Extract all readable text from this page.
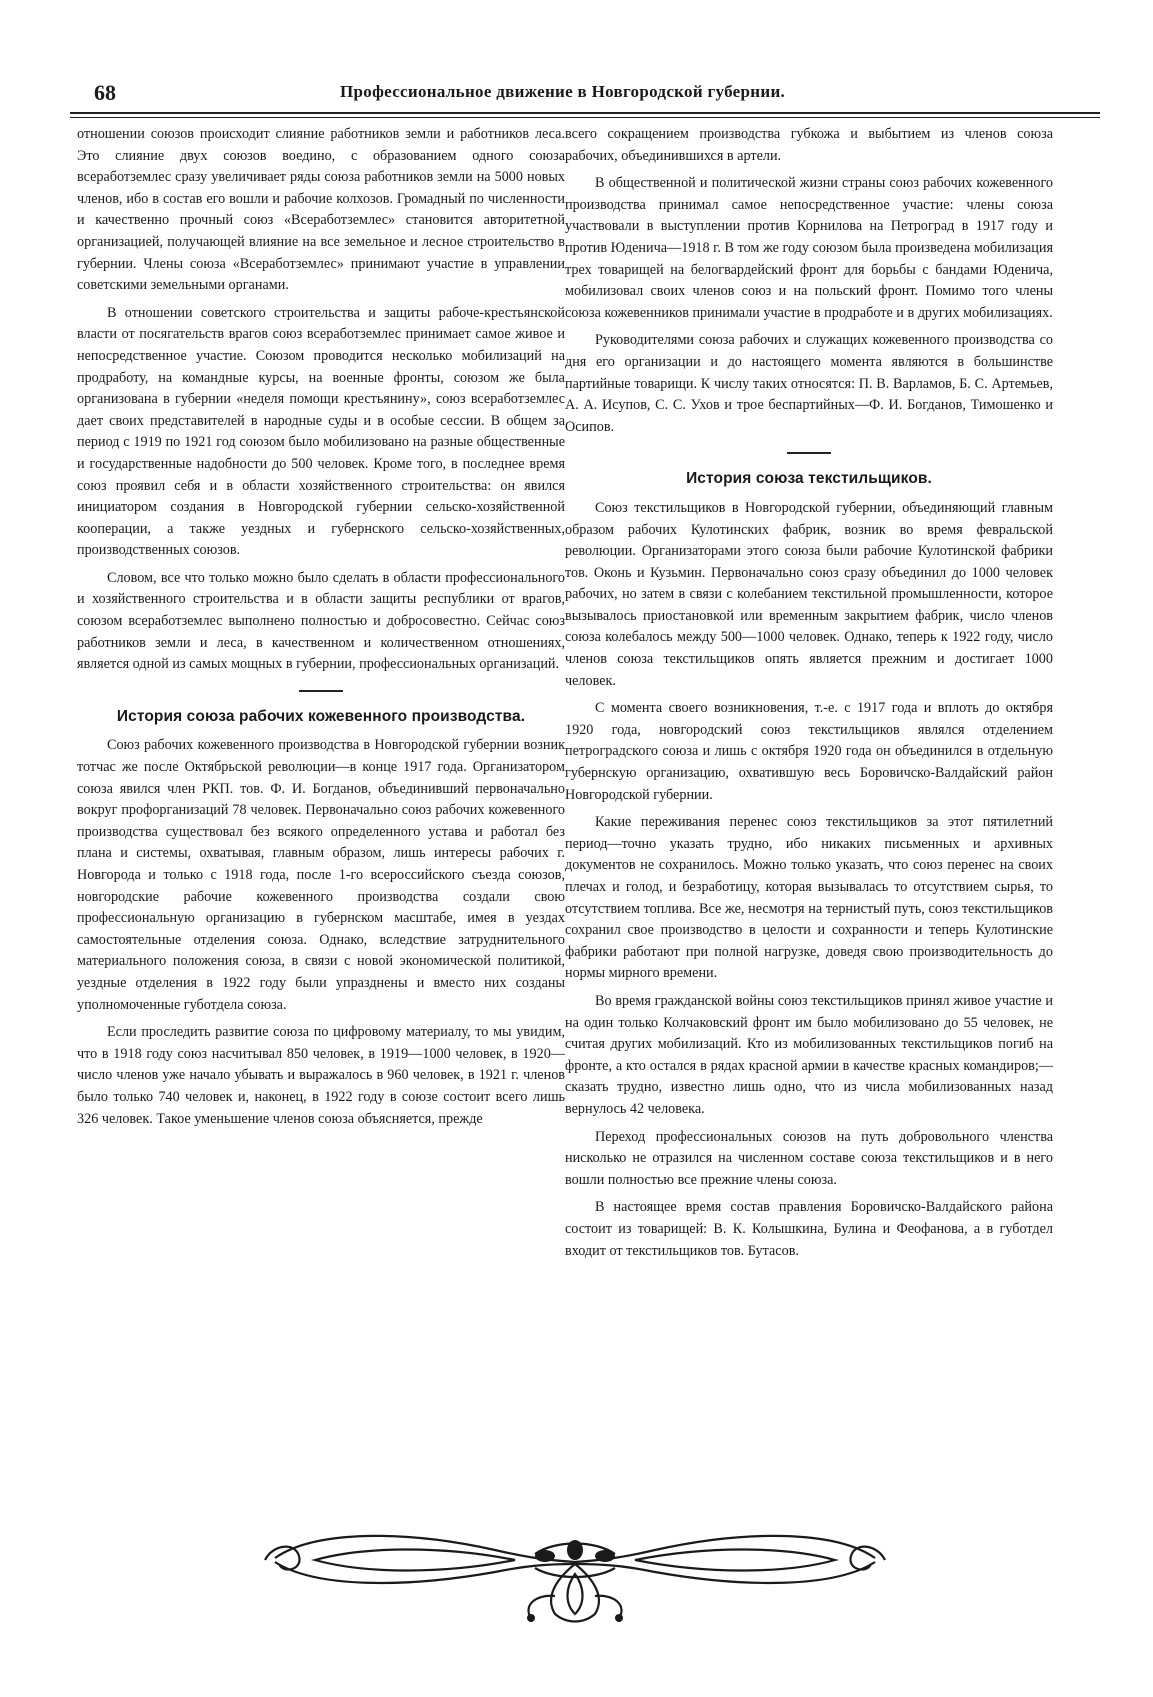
68	Профессиональное движение в Новгородской губернии.

отношении союзов происходит слияние работников земли и работников леса. Это слияние двух союзов воедино, с образованием одного союза всеработземлес сразу увеличивает ряды союза работников земли на 5000 новых членов, ибо в состав его вошли и рабочие колхозов. Громадный по численности и качественно прочный союз «Всеработземлес» становится авторитетной организацией, получающей влияние на все земельное и лесное строительство в губернии. Члены союза «Всеработземлес» принимают участие в управлении советскими земельными органами.

В отношении советского строительства и защиты рабоче-крестьянской власти от посягательств врагов союз всеработземлес принимает самое живое и непосредственное участие. Союзом проводится несколько мобилизаций на продработу, на командные курсы, на военные фронты, союзом же была организована в губернии «неделя помощи крестьянину», союз всеработземлес дает своих представителей в народные суды и в особые сессии. В общем за период с 1919 по 1921 год союзом было мобилизовано на разные общественные и государственные надобности до 500 человек. Кроме того, в последнее время союз проявил себя и в области хозяйственного строительства: он явился инициатором создания в Новгородской губернии сельско-хозяйственной кооперации, а также уездных и губернского сельско-хозяйственных, производственных союзов.

Словом, все что только можно было сделать в области профессионального и хозяйственного строительства и в области защиты республики от врагов, союзом всеработземлес выполнено полностью и добросовестно. Сейчас союз работников земли и леса, в качественном и количественном отношениях, является одной из самых мощных в губернии, профессиональных организаций.

История союза рабочих кожевенного производства.

Союз рабочих кожевенного производства в Новгородской губернии возник тотчас же после Октябрьской революции—в конце 1917 года. Организатором союза явился член РКП. тов. Ф. И. Богданов, объединивший первоначально вокруг профорганизаций 78 человек. Первоначально союз рабочих кожевенного производства существовал без всякого определенного устава и работал без плана и системы, охватывая, главным образом, лишь интересы рабочих г. Новгорода и только с 1918 года, после 1-го всероссийского съезда союзов, новгородские рабочие кожевенного производства создали свою профессиональную организацию в губернском масштабе, имея в уездах самостоятельные отделения союза. Однако, вследствие затруднительного материального положения союза, в связи с новой экономической политикой, уездные отделения в 1922 году были упразднены и вместо них созданы уполномоченные губотдела союза.

Если проследить развитие союза по цифровому материалу, то мы увидим, что в 1918 году союз насчитывал 850 человек, в 1919—1000 человек, в 1920—число членов уже начало убывать и выражалось в 960 человек, в 1921 г. членов было только 740 человек и, наконец, в 1922 году в союзе состоит всего лишь 326 человек. Такое уменьшение членов союза объясняется, прежде

всего сокращением производства губкожа и выбытием из членов союза рабочих, объединившихся в артели.

В общественной и политической жизни страны союз рабочих кожевенного производства принимал самое непосредственное участие: члены союза участвовали в выступлении против Корнилова на Петроград в 1917 году и против Юденича—1918 г. В том же году союзом была произведена мобилизация трех товарищей на белогвардейский фронт для борьбы с бандами Юденича, мобилизовал своих членов союз и на польский фронт. Помимо того члены союза кожевенников принимали участие в продработе и в других мобилизациях.

Руководителями союза рабочих и служащих кожевенного производства со дня его организации и до настоящего момента являются в большинстве партийные товарищи. К числу таких относятся: П. В. Варламов, Б. С. Артемьев, А. А. Исупов, С. С. Ухов и трое беспартийных—Ф. И. Богданов, Тимошенко и Осипов.

История союза текстильщиков.

Союз текстильщиков в Новгородской губернии, объединяющий главным образом рабочих Кулотинских фабрик, возник во время февральской революции. Организаторами этого союза были рабочие Кулотинской фабрики тов. Оконь и Кузьмин. Первоначально союз сразу объединил до 1000 человек рабочих, но затем в связи с колебанием текстильной промышленности, которое вызывалось приостановкой или временным закрытием фабрик, число членов союза колебалось между 500—1000 человек. Однако, теперь к 1922 году, число членов союза текстильщиков опять является прежним и достигает 1000 человек.

С момента своего возникновения, т.-е. с 1917 года и вплоть до октября 1920 года, новгородский союз текстильщиков являлся отделением петроградского союза и лишь с октября 1920 года он объединился в отдельную губернскую организацию, охватившую весь Боровичско-Валдайский район Новгородской губернии.

Какие переживания перенес союз текстильщиков за этот пятилетний период—точно указать трудно, ибо никаких письменных и архивных документов не сохранилось. Можно только указать, что союз перенес на своих плечах и голод, и безработицу, которая вызывалась то отсутствием сырья, то отсутствием топлива. Все же, несмотря на тернистый путь, союз текстильщиков сохранил свое производство в целости и сохранности и теперь Кулотинские фабрики работают при полной нагрузке, доведя свою производительность до нормы мирного времени.

Во время гражданской войны союз текстильщиков принял живое участие и на один только Колчаковский фронт им было мобилизовано до 55 человек, не считая других мобилизаций. Кто из мобилизованных текстильщиков погиб на фронте, а кто остался в рядах красной армии в качестве красных командиров;—сказать трудно, известно лишь одно, что из числа мобилизованных назад вернулось 42 человека.

Переход профессиональных союзов на путь добровольного членства нисколько не отразился на численном составе союза текстильщиков и в него вошли полностью все прежние члены союза.

В настоящее время состав правления Боровичско-Валдайского района состоит из товарищей: В. К. Колышкина, Булина и Феофанова, а в губотдел входит от текстильщиков тов. Бутасов.
